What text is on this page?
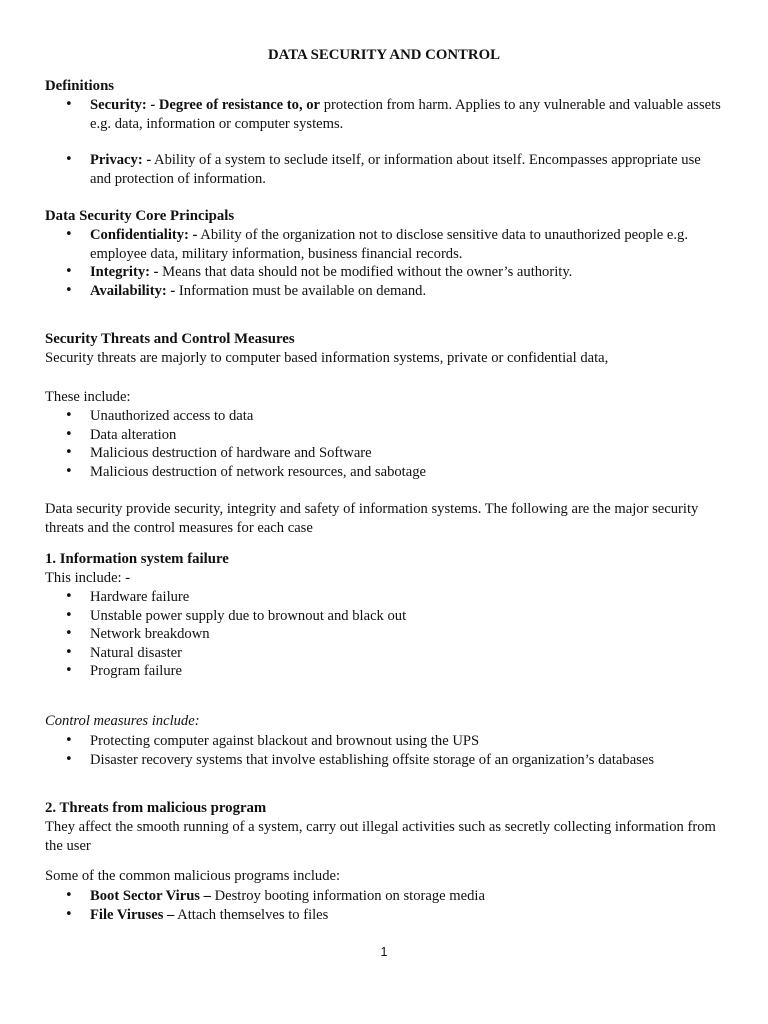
DATA SECURITY AND CONTROL
Definitions
• Security: - Degree of resistance to, or protection from harm. Applies to any vulnerable and valuable assets e.g. data, information or computer systems.
• Privacy: - Ability of a system to seclude itself, or information about itself. Encompasses appropriate use and protection of information.
Data Security Core Principals
• Confidentiality: - Ability of the organization not to disclose sensitive data to unauthorized people e.g. employee data, military information, business financial records.
• Integrity: - Means that data should not be modified without the owner’s authority.
• Availability: - Information must be available on demand.
Security Threats and Control Measures
Security threats are majorly to computer based information systems, private or confidential data,
These include:
• Unauthorized access to data
• Data alteration
• Malicious destruction of hardware and Software
• Malicious destruction of network resources, and sabotage
Data security provide security, integrity and safety of information systems. The following are the major security threats and the control measures for each case
1. Information system failure
This include: -
• Hardware failure
• Unstable power supply due to brownout and black out
• Network breakdown
• Natural disaster
• Program failure
Control measures include:
• Protecting computer against blackout and brownout using the UPS
• Disaster recovery systems that involve establishing offsite storage of an organization’s databases
2. Threats from malicious program
They affect the smooth running of a system, carry out illegal activities such as secretly collecting information from the user
Some of the common malicious programs include:
• Boot Sector Virus – Destroy booting information on storage media
• File Viruses – Attach themselves to files
1
